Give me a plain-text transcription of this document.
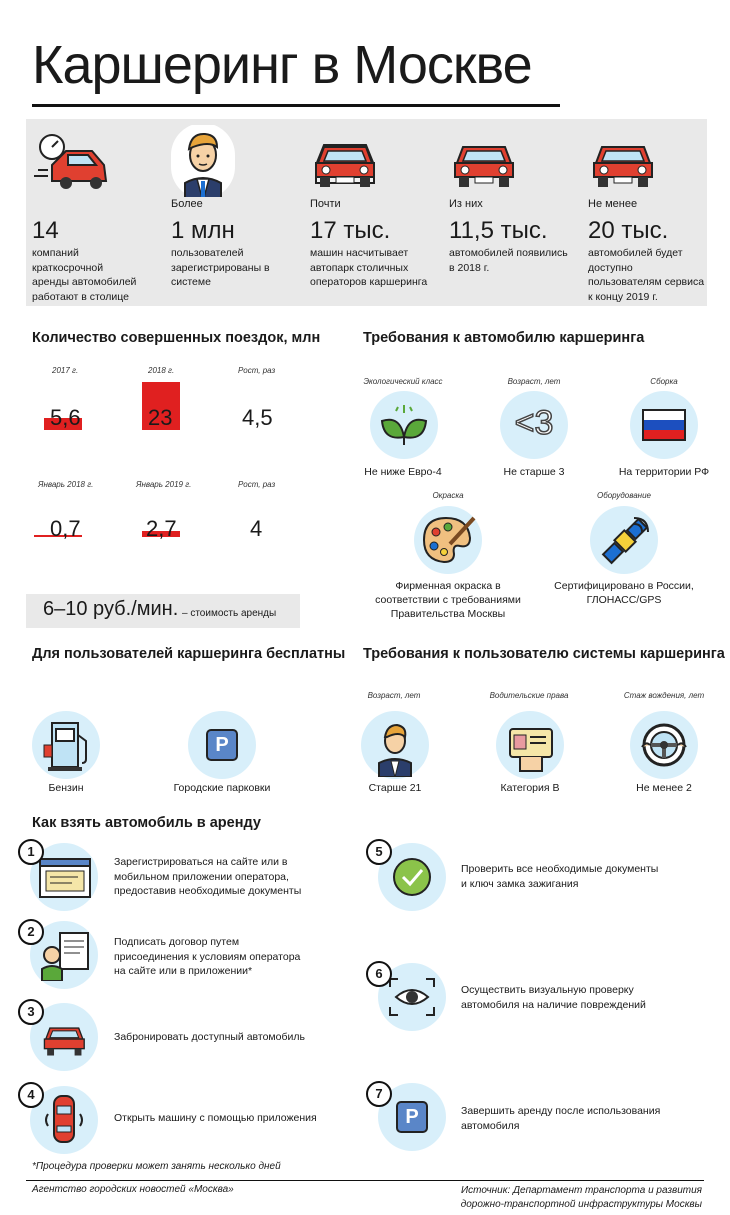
Каршеринг в Москве
14
компаний краткосрочной аренды автомобилей работают в столице
Более
1 млн
пользователей зарегистрированы в системе
Почти
17 тыс.
машин насчитывает автопарк столичных операторов каршеринга
Из них
11,5 тыс.
автомобилей появились в 2018 г.
Не менее
20 тыс.
автомобилей будет доступно пользователям сервиса к концу 2019 г.
Количество совершенных поездок, млн
2017 г.	2018 г.	Рост, раз
5,6	23	4,5
Январь 2018 г.	Январь 2019 г.	Рост, раз
0,7	2,7	4
6–10 руб./мин. – стоимость аренды
Требования к автомобилю каршеринга
Экологический класс
Не ниже Евро-4
Возраст, лет
<3
Не старше 3
Сборка
На территории РФ
Окраска
Фирменная окраска в соответствии с требованиями Правительства Москвы
Оборудование
Сертифицировано в России, ГЛОНАСС/GPS
Для пользователей каршеринга бесплатны
Бензин
P
Городские парковки
Требования к пользователю системы каршеринга
Возраст, лет
Старше 21
Водительские права
Категория B
Стаж вождения, лет
Не менее 2
Как взять автомобиль в аренду
1
Зарегистрироваться на сайте или в мобильном приложении оператора, предоставив необходимые документы
2
Подписать договор путем присоединения к условиям оператора на сайте или в приложении*
3
Забронировать доступный автомобиль
4
Открыть машину с помощью приложения
5
Проверить все необходимые документы и ключ замка зажигания
6
Осуществить визуальную проверку автомобиля на наличие повреждений
P
7
Завершить аренду после использования автомобиля
*Процедура проверки может занять несколько дней
Агентство городских новостей «Москва»	Источник: Департамент транспорта и развития дорожно-транспортной инфраструктуры Москвы
